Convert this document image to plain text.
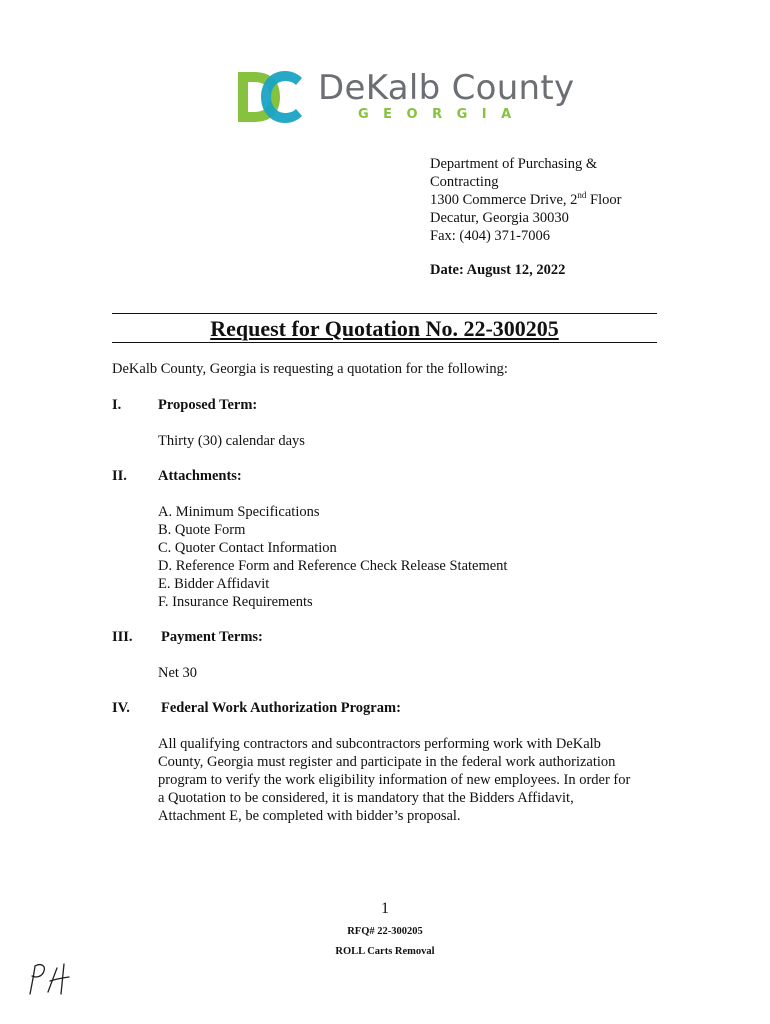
DeKalb County
GEORGIA
Department of Purchasing &
Contracting
1300 Commerce Drive, 2nd Floor
Decatur, Georgia 30030
Fax: (404) 371-7006
Date: August 12, 2022
Request for Quotation No. 22-300205
DeKalb County, Georgia is requesting a quotation for the following:
I.	Proposed Term:
Thirty (30) calendar days
II. Attachments:
A. Minimum Specifications
B. Quote Form
C. Quoter Contact Information
D. Reference Form and Reference Check Release Statement
E. Bidder Affidavit
F. Insurance Requirements
III. Payment Terms:
Net 30
IV. Federal Work Authorization Program:
All qualifying contractors and subcontractors performing work with DeKalb
County, Georgia must register and participate in the federal work authorization
program to verify the work eligibility information of new employees. In order for
a Quotation to be considered, it is mandatory that the Bidders Affidavit,
Attachment E, be completed with bidder’s proposal.
1
RFQ# 22-300205
ROLL Carts Removal
